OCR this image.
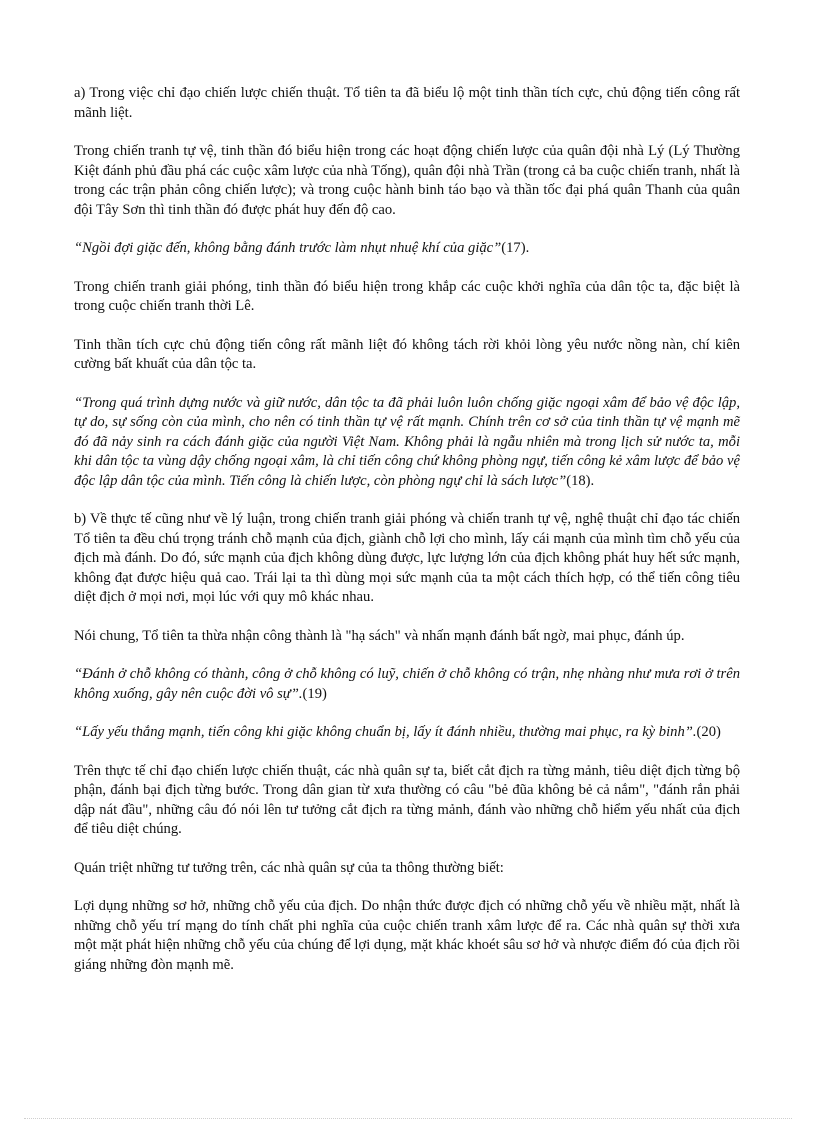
a) Trong việc chỉ đạo chiến lược chiến thuật. Tổ tiên ta đã biểu lộ một tinh thần tích cực, chủ động tiến công rất mãnh liệt.

Trong chiến tranh tự vệ, tinh thần đó biểu hiện trong các hoạt động chiến lược của quân đội nhà Lý (Lý Thường Kiệt đánh phủ đầu phá các cuộc xâm lược của nhà Tống), quân đội nhà Trần (trong cả ba cuộc chiến tranh, nhất là trong các trận phản công chiến lược); và trong cuộc hành binh táo bạo và thần tốc đại phá quân Thanh của quân đội Tây Sơn thì tinh thần đó được phát huy đến độ cao.

“Ngồi đợi giặc đến, không bằng đánh trước làm nhụt nhuệ khí của giặc”(17).

Trong chiến tranh giải phóng, tinh thần đó biểu hiện trong khắp các cuộc khởi nghĩa của dân tộc ta, đặc biệt là trong cuộc chiến tranh thời Lê.

Tinh thần tích cực chủ động tiến công rất mãnh liệt đó không tách rời khỏi lòng yêu nước nồng nàn, chí kiên cường bất khuất của dân tộc ta.

“Trong quá trình dựng nước và giữ nước, dân tộc ta đã phải luôn luôn chống giặc ngoại xâm để bảo vệ độc lập, tự do, sự sống còn của mình, cho nên có tinh thần tự vệ rất mạnh. Chính trên cơ sở của tinh thần tự vệ mạnh mẽ đó đã nảy sinh ra cách đánh giặc của người Việt Nam. Không phải là ngẫu nhiên mà trong lịch sử nước ta, mỗi khi dân tộc ta vùng dậy chống ngoại xâm, là chỉ tiến công chứ không phòng ngự, tiến công kẻ xâm lược để bảo vệ độc lập dân tộc của mình. Tiến công là chiến lược, còn phòng ngự chỉ là sách lược”(18).

b) Về thực tế cũng như về lý luận, trong chiến tranh giải phóng và chiến tranh tự vệ, nghệ thuật chỉ đạo tác chiến Tổ tiên ta đều chú trọng tránh chỗ mạnh của địch, giành chỗ lợi cho mình, lấy cái mạnh của mình tìm chỗ yếu của địch mà đánh. Do đó, sức mạnh của địch không dùng được, lực lượng lớn của địch không phát huy hết sức mạnh, không đạt được hiệu quả cao. Trái lại ta thì dùng mọi sức mạnh của ta một cách thích hợp, có thể tiến công tiêu diệt địch ở mọi nơi, mọi lúc với quy mô khác nhau.

Nói chung, Tổ tiên ta thừa nhận công thành là "hạ sách" và nhấn mạnh đánh bất ngờ, mai phục, đánh úp.

“Đánh ở chỗ không có thành, công ở chỗ không có luỹ, chiến ở chỗ không có trận, nhẹ nhàng như mưa rơi ở trên không xuống, gây nên cuộc đời vô sự”.(19)

“Lấy yếu thắng mạnh, tiến công khi giặc không chuẩn bị, lấy ít đánh nhiều, thường mai phục, ra kỳ binh”.(20)

Trên thực tế chỉ đạo chiến lược chiến thuật, các nhà quân sự ta, biết cắt địch ra từng mảnh, tiêu diệt địch từng bộ phận, đánh bại địch từng bước. Trong dân gian từ xưa thường có câu "bẻ đũa không bẻ cả nắm", "đánh rắn phải dập nát đầu", những câu đó nói lên tư tưởng cắt địch ra từng mảnh, đánh vào những chỗ hiểm yếu nhất của địch để tiêu diệt chúng.

Quán triệt những tư tưởng trên, các nhà quân sự của ta thông thường biết:

Lợi dụng những sơ hở, những chỗ yếu của địch. Do nhận thức được địch có những chỗ yếu về nhiều mặt, nhất là những chỗ yếu trí mạng do tính chất phi nghĩa của cuộc chiến tranh xâm lược để ra. Các nhà quân sự thời xưa một mặt phát hiện những chỗ yếu của chúng để lợi dụng, mặt khác khoét sâu sơ hở và nhược điểm đó của địch rồi giáng những đòn mạnh mẽ.
